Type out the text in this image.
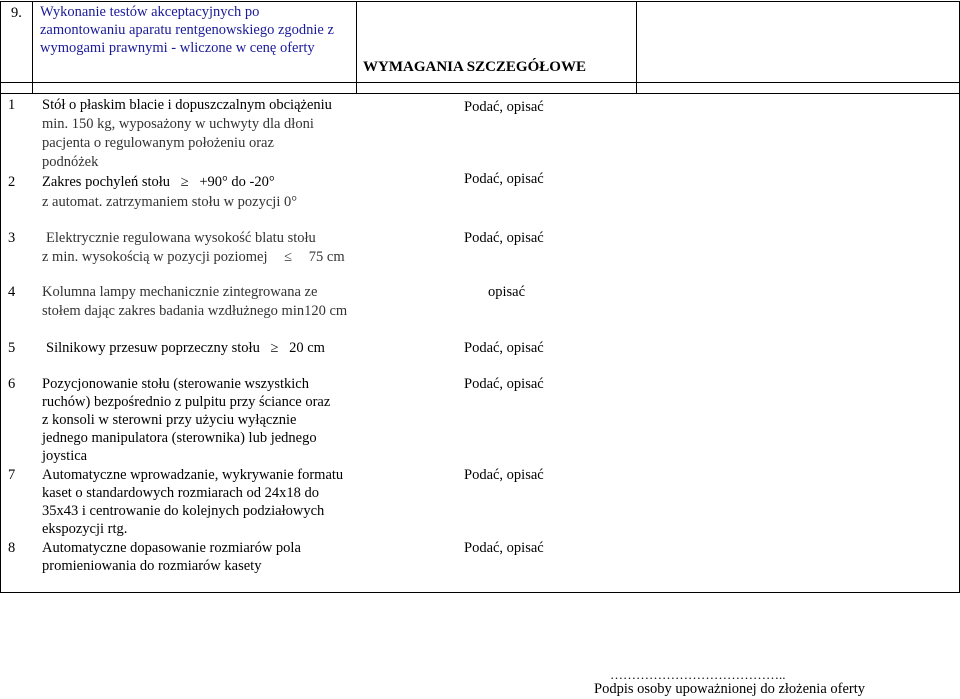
9. Wykonanie testów akceptacyjnych po
zamontowaniu aparatu rentgenowskiego zgodnie z
wymogami prawnymi - wliczone w cenę oferty
WYMAGANIA SZCZEGÓŁOWE
1 Stół o płaskim blacie i dopuszczalnym obciążeniu
min. 150 kg, wyposażony w uchwyty dla dłoni
pacjenta o regulowanym położeniu oraz
podnóżek
Podać, opisać
2 Zakres pochyleń stołu ≥ +90° do -20°
z automat. zatrzymaniem stołu w pozycji 0°
Podać, opisać
3 Elektrycznie regulowana wysokość blatu stołu
z min. wysokością w pozycji poziomej ≤ 75 cm
Podać, opisać
4 Kolumna lampy mechanicznie zintegrowana ze
stołem dając zakres badania wzdłużnego min120 cm
opisać
5 Silnikowy przesuw poprzeczny stołu ≥ 20 cm	Podać, opisać
6 Pozycjonowanie stołu (sterowanie wszystkich
ruchów) bezpośrednio z pulpitu przy ściance oraz
z konsoli w sterowni przy użyciu wyłącznie
jednego manipulatora (sterownika) lub jednego
joystica
Podać, opisać
7 Automatyczne wprowadzanie, wykrywanie formatu
kaset o standardowych rozmiarach od 24x18 do
35x43 i centrowanie do kolejnych podziałowych
ekspozycji rtg.
Podać, opisać
8 Automatyczne dopasowanie rozmiarów pola
promieniowania do rozmiarów kasety
Podać, opisać
…………………………………..
Podpis osoby upoważnionej do złożenia oferty
